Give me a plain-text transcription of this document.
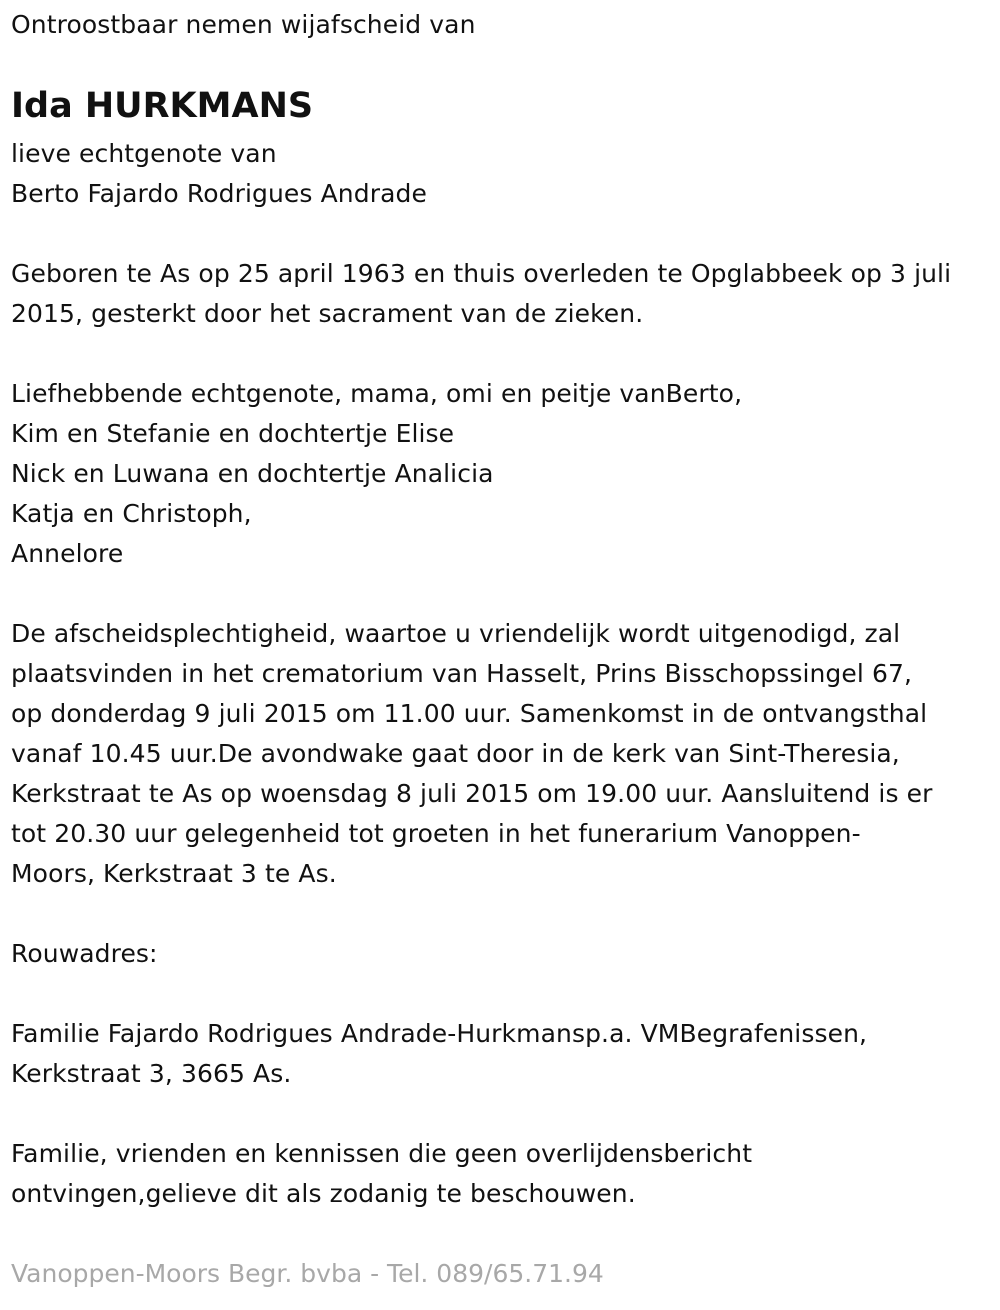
Ontroostbaar nemen wijafscheid van
Ida HURKMANS
lieve echtgenote van
Berto Fajardo Rodrigues Andrade
Geboren te As op 25 april 1963 en thuis overleden te Opglabbeek op 3 juli
2015, gesterkt door het sacrament van de zieken.
Liefhebbende echtgenote, mama, omi en peitje vanBerto,
Kim en Stefanie en dochtertje Elise
Nick en Luwana en dochtertje Analicia
Katja en Christoph,
Annelore
De afscheidsplechtigheid, waartoe u vriendelijk wordt uitgenodigd, zal
plaatsvinden in het crematorium van Hasselt, Prins Bisschopssingel 67,
op donderdag 9 juli 2015 om 11.00 uur. Samenkomst in de ontvangsthal
vanaf 10.45 uur.De avondwake gaat door in de kerk van Sint-Theresia,
Kerkstraat te As op woensdag 8 juli 2015 om 19.00 uur. Aansluitend is er
tot 20.30 uur gelegenheid tot groeten in het funerarium Vanoppen-
Moors, Kerkstraat 3 te As.
Rouwadres:
Familie Fajardo Rodrigues Andrade-Hurkmansp.a. VMBegrafenissen,
Kerkstraat 3, 3665 As.
Familie, vrienden en kennissen die geen overlijdensbericht
ontvingen,gelieve dit als zodanig te beschouwen.
Vanoppen-Moors Begr. bvba - Tel. 089/65.71.94
